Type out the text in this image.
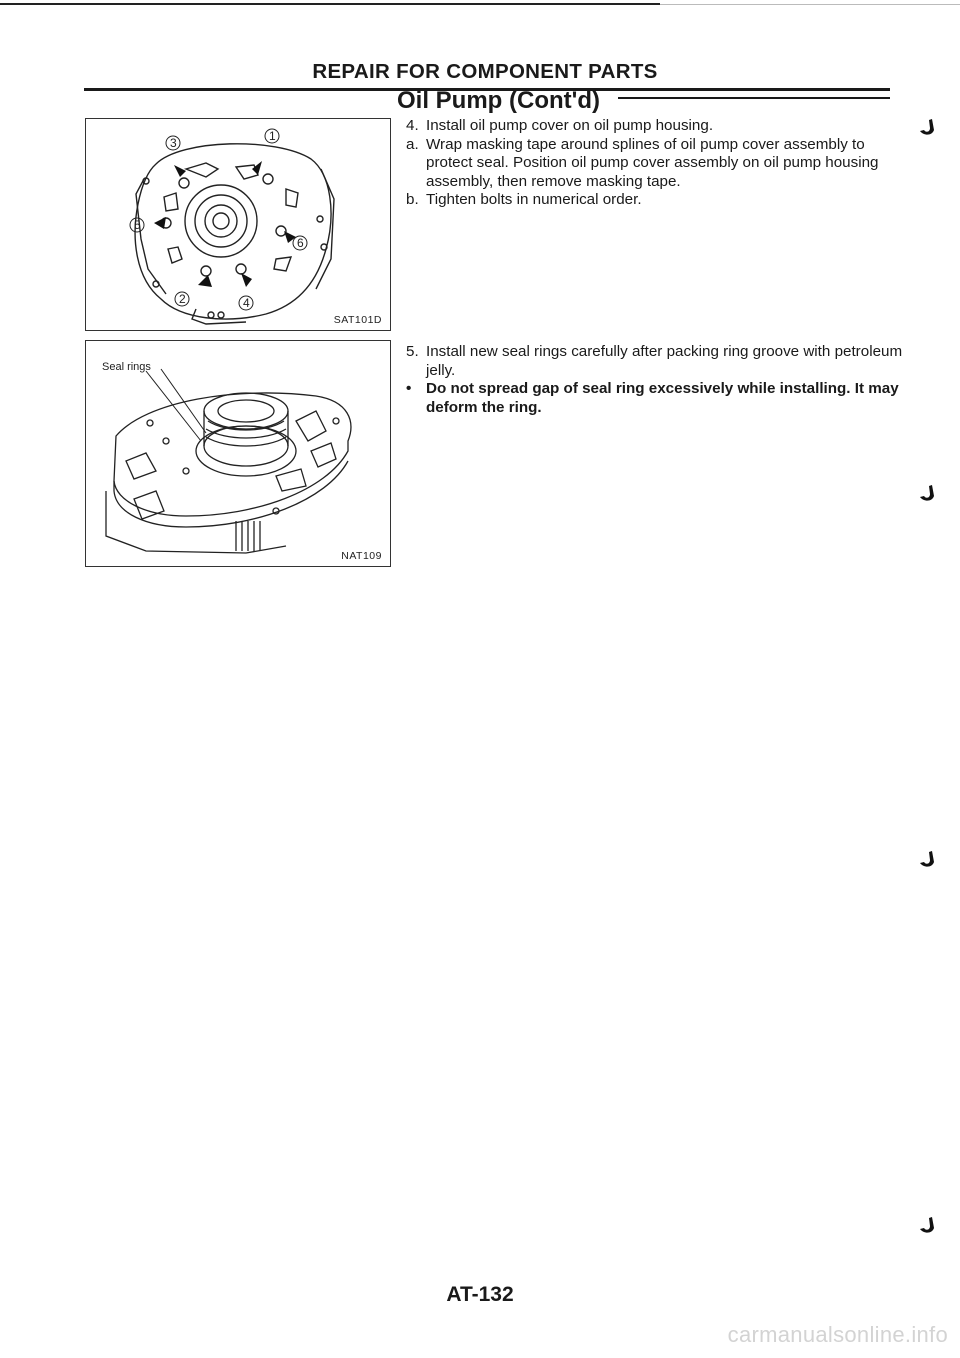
REPAIR FOR COMPONENT PARTS
Oil Pump (Cont'd)
3	1
5
6
2	4
SAT101D
Seal rings
NAT109

4. Install oil pump cover on oil pump housing.

a. Wrap masking tape around splines of oil pump cover assembly to protect seal. Position oil pump cover assembly on oil pump housing assembly, then remove masking tape.

b. Tighten bolts in numerical order.

5. Install new seal rings carefully after packing ring groove with petroleum jelly.

• Do not spread gap of seal ring excessively while installing. It may deform the ring.

AT-132
carmanualsonline.info
